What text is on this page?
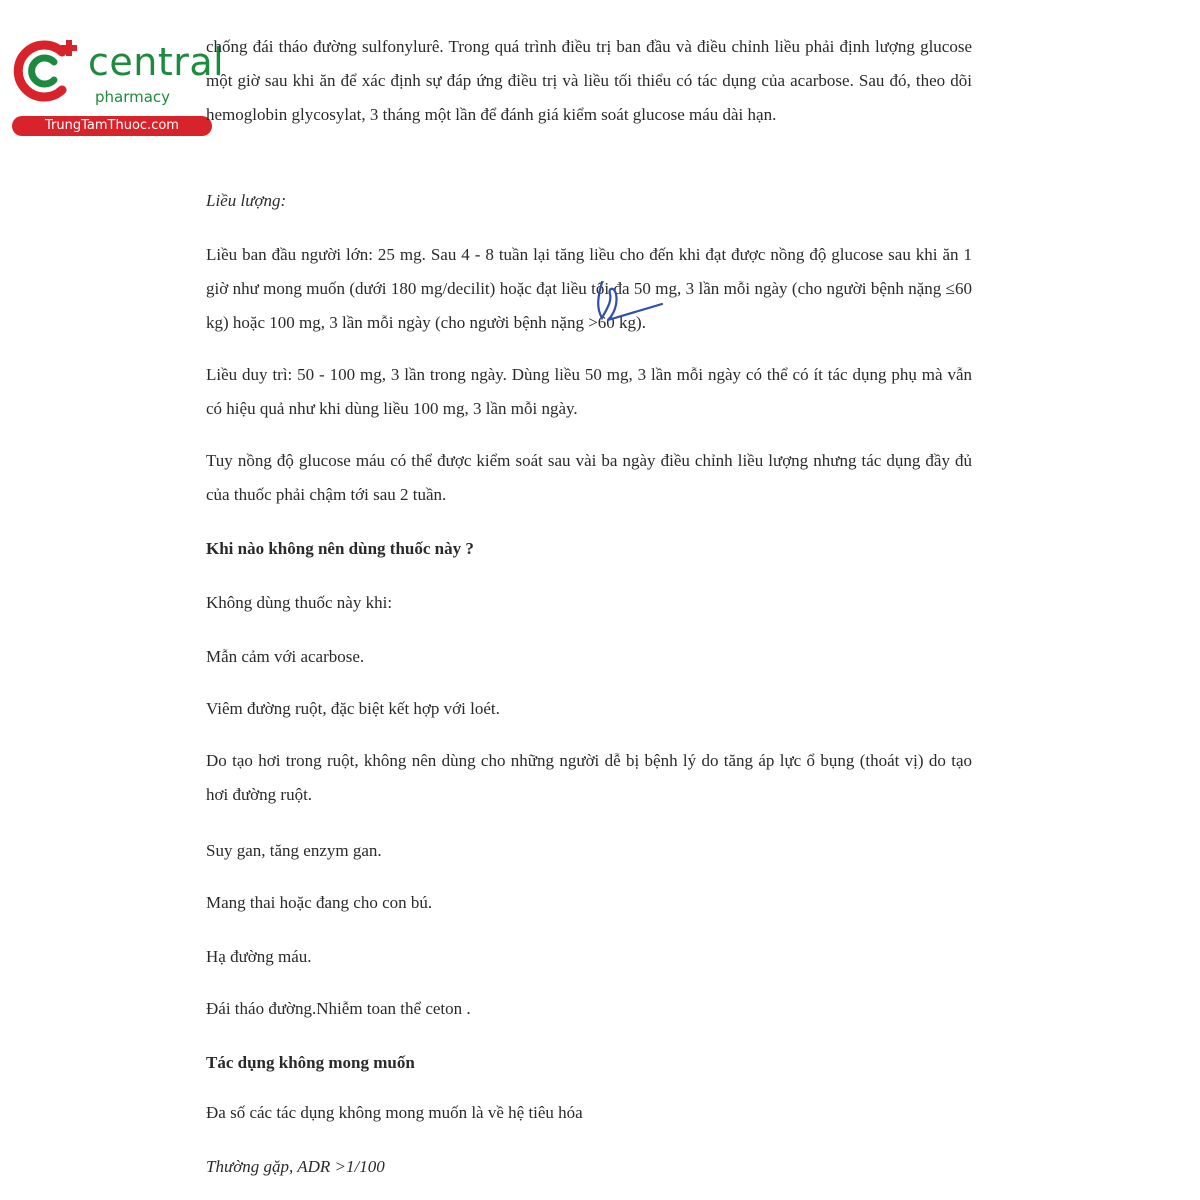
central
pharmacy
TrungTamThuoc.com

chống đái tháo đường sulfonylurê. Trong quá trình điều trị ban đầu và điều chỉnh liều phải định lượng glucose một giờ sau khi ăn để xác định sự đáp ứng điều trị và liều tối thiểu có tác dụng của acarbose. Sau đó, theo dõi hemoglobin glycosylat, 3 tháng một lần để đánh giá kiểm soát glucose máu dài hạn.

Liều lượng:

Liều ban đầu người lớn: 25 mg. Sau 4 - 8 tuần lại tăng liều cho đến khi đạt được nồng độ glucose sau khi ăn 1 giờ như mong muốn (dưới 180 mg/decilit) hoặc đạt liều tối đa 50 mg, 3 lần mỗi ngày (cho người bệnh nặng ≤60 kg) hoặc 100 mg, 3 lần mỗi ngày (cho người bệnh nặng >60 kg).

Liều duy trì: 50 - 100 mg, 3 lần trong ngày. Dùng liều 50 mg, 3 lần mỗi ngày có thể có ít tác dụng phụ mà vẫn có hiệu quả như khi dùng liều 100 mg, 3 lần mỗi ngày.

Tuy nồng độ glucose máu có thể được kiểm soát sau vài ba ngày điều chỉnh liều lượng nhưng tác dụng đầy đủ của thuốc phải chậm tới sau 2 tuần.

Khi nào không nên dùng thuốc này ?

Không dùng thuốc này khi:

Mẫn cảm với acarbose.

Viêm đường ruột, đặc biệt kết hợp với loét.

Do tạo hơi trong ruột, không nên dùng cho những người dễ bị bệnh lý do tăng áp lực ổ bụng (thoát vị) do tạo hơi đường ruột.

Suy gan, tăng enzym gan.

Mang thai hoặc đang cho con bú.

Hạ đường máu.

Đái tháo đường.Nhiễm toan thể ceton .

Tác dụng không mong muốn

Đa số các tác dụng không mong muốn là về hệ tiêu hóa

Thường gặp, ADR >1/100
